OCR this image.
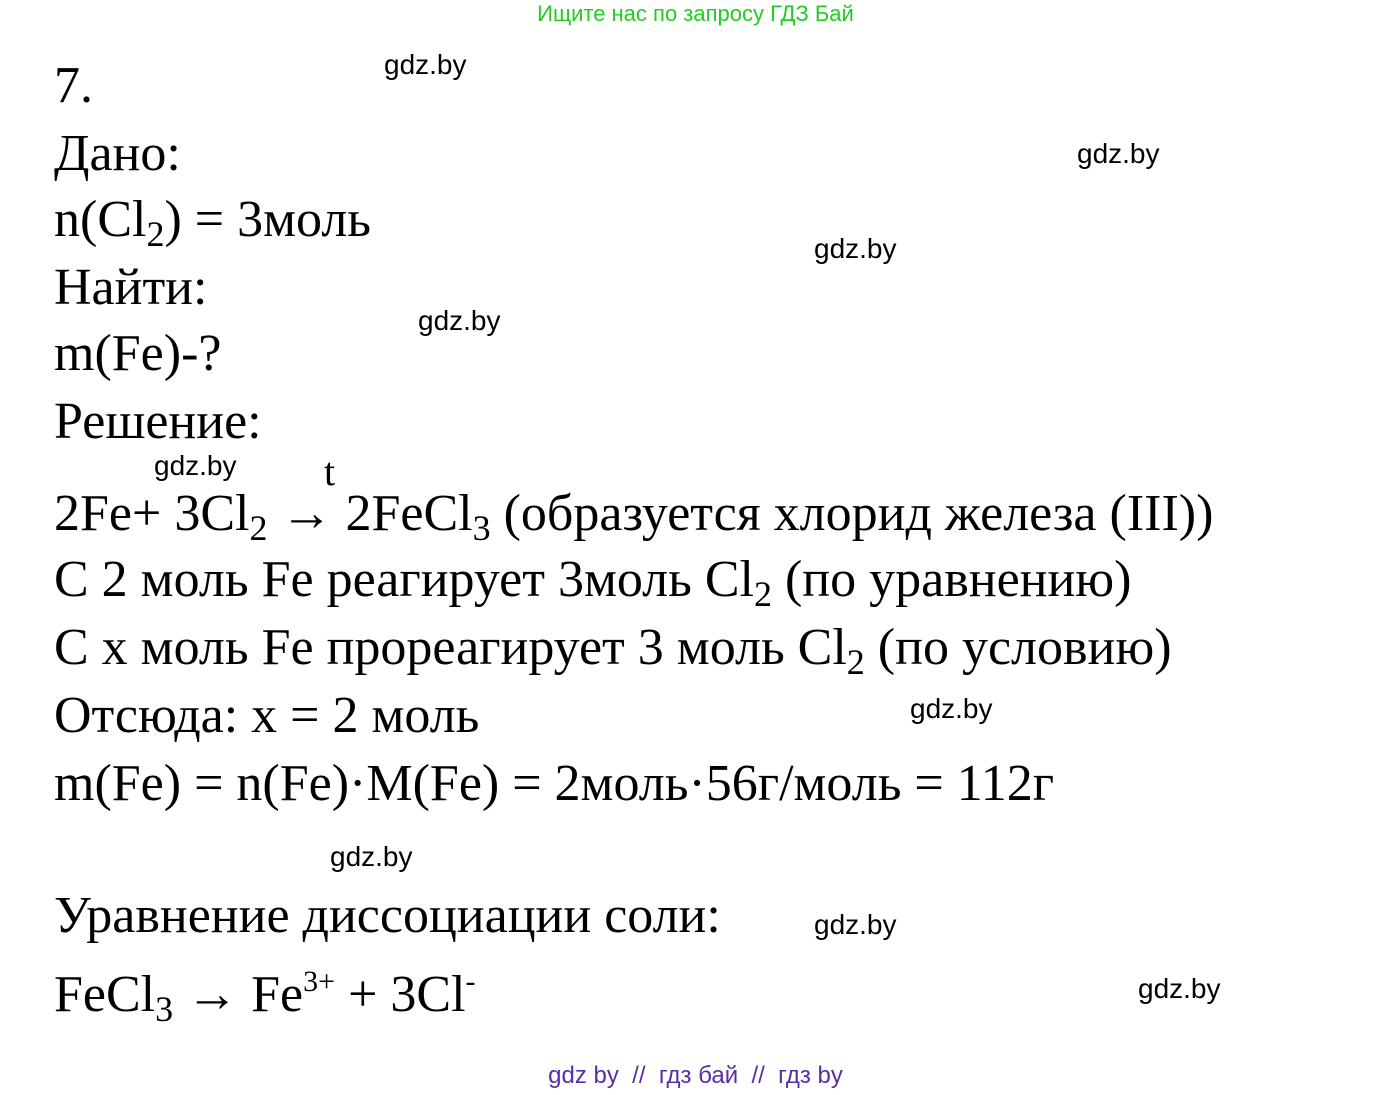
Ищите нас по запросу ГДЗ Бай
gdz.by
gdz.by
gdz.by
gdz.by
gdz.by
gdz.by
gdz.by
gdz.by
gdz.by
7.
Дано:
$n(Cl_2)$ = 3моль
Найти:
m(Fe)-?
Решение:
t
$2Fe+ 3Cl_2$ → 2FeCl$_3$ (образуется хлорид железа (III))
С 2 моль Fe реагирует 3моль $Cl_2$ (по уравнению)
С x моль Fe прореагирует 3 моль $Cl_2$ (по условию)
Отсюда: x = 2 моль
m(Fe) = n(Fe)·M(Fe) = 2моль·56г/моль = 112г
Уравнение диссоциации соли:
FeCl$_3$ → $Fe^{3+} + 3Cl^-$
gdz by  //  гдз бай  //  гдз by
